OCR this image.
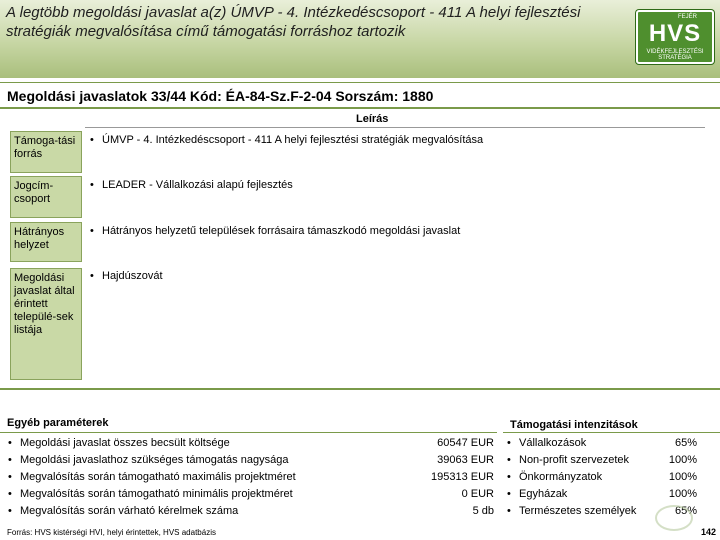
A legtöbb megoldási javaslat a(z) ÚMVP - 4. Intézkedéscsoport - 411 A helyi fejlesztési stratégiák megvalósítása című támogatási forráshoz tartozik
FEJÉR
HVS
VIDÉKFEJLESZTÉSI STRATÉGIA
Megoldási javaslatok 33/44 Kód: ÉA-84-Sz.F-2-04 Sorszám: 1880
Leírás
Támoga-tási forrás
• ÚMVP - 4. Intézkedéscsoport - 411 A helyi fejlesztési stratégiák megvalósítása
Jogcím-csoport
• LEADER - Vállalkozási alapú fejlesztés
Hátrányos helyzet
• Hátrányos helyzetű települések forrásaira támaszkodó megoldási javaslat
Megoldási javaslat által érintett települé-sek listája
• Hajdúszovát
Egyéb paraméterek	Támogatási intenzitások
• Megoldási javaslat összes becsült költsége	60547 EUR
• Megoldási javaslathoz szükséges támogatás nagysága	39063 EUR
• Megvalósítás során támogatható maximális projektméret	195313 EUR
• Megvalósítás során támogatható minimális projektméret	0 EUR
• Megvalósítás során várható kérelmek száma	5 db
• Vállalkozások	65%
• Non-profit szervezetek	100%
• Önkormányzatok	100%
• Egyházak	100%
• Természetes személyek	65%
Forrás: HVS kistérségi HVI, helyi érintettek, HVS adatbázis	142
